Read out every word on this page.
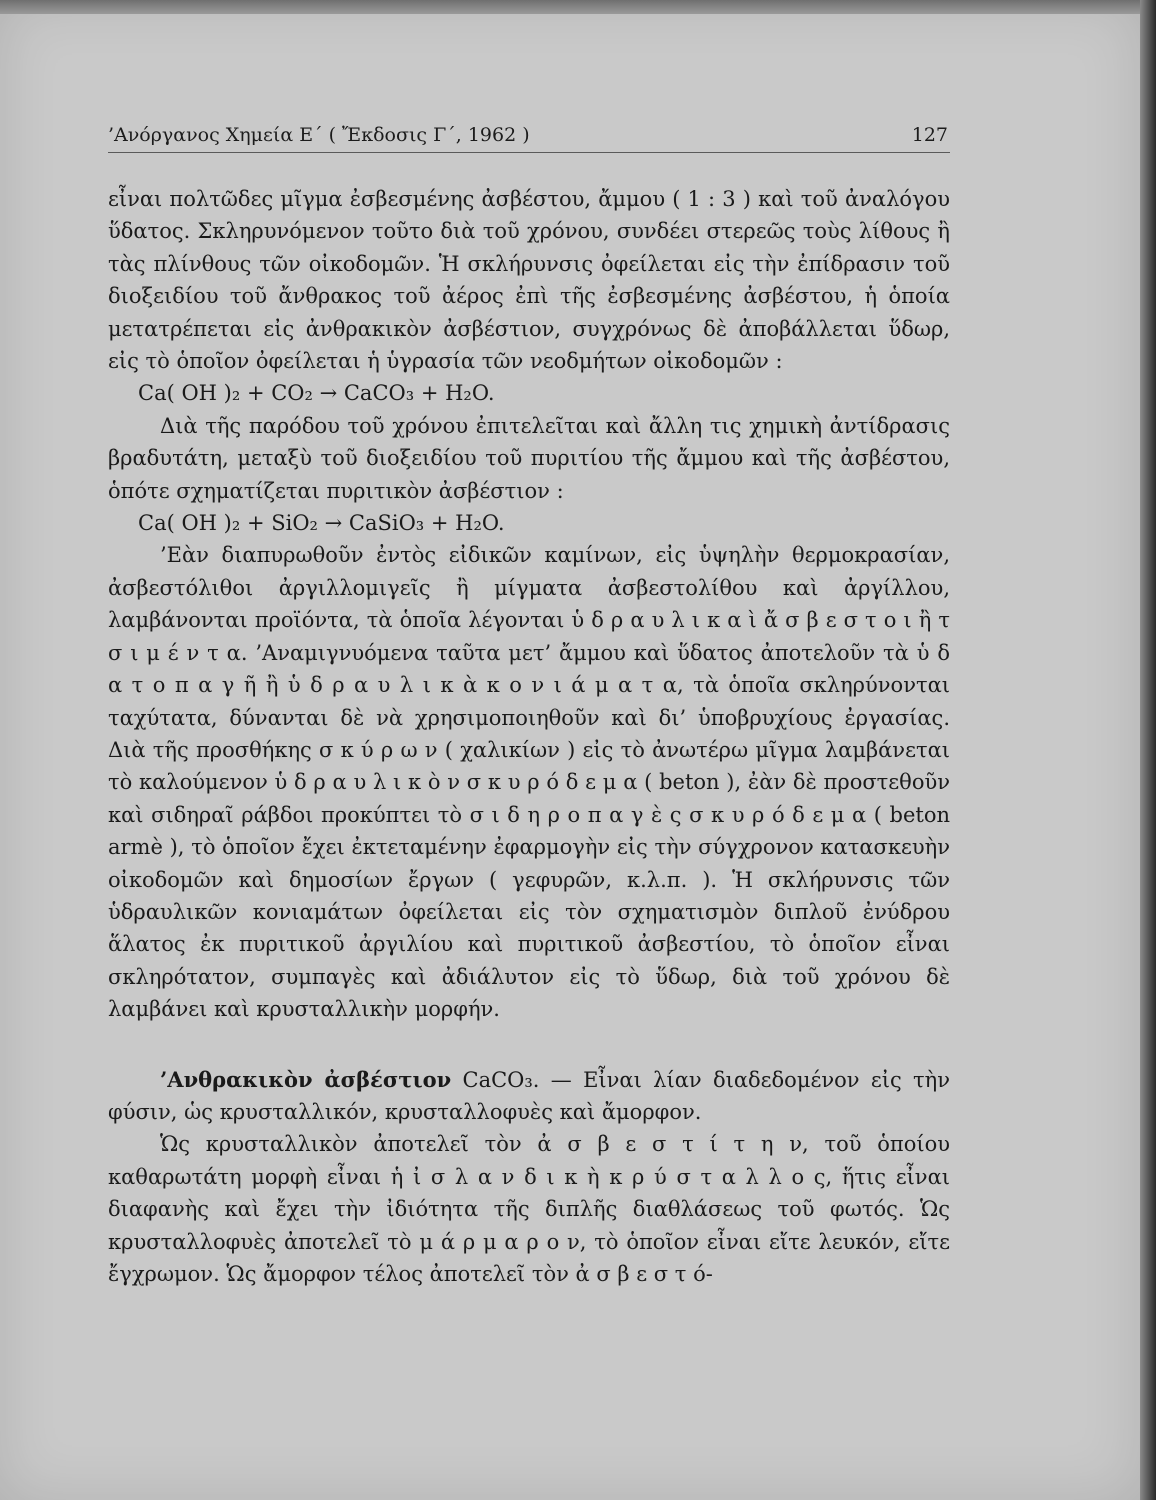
’Ανόργανος Χημεία Ε΄ ( Ἔκδοσις Γ΄, 1962 )	127

εἶναι πολτῶδες μῖγμα ἐσβεσμένης ἀσβέστου, ἄμμου ( 1 : 3 ) καὶ τοῦ ἀναλόγου ὕδατος. Σκληρυνόμενον τοῦτο διὰ τοῦ χρόνου, συνδέει στερεῶς τοὺς λίθους ἢ τὰς πλίνθους τῶν οἰκοδομῶν. Ἡ σκλήρυνσις ὀφείλεται εἰς τὴν ἐπίδρασιν τοῦ διοξειδίου τοῦ ἄνθρακος τοῦ ἀέρος ἐπὶ τῆς ἐσβεσμένης ἀσβέστου, ἡ ὁποία μετατρέπεται εἰς ἀνθρακικὸν ἀσβέστιον, συγχρόνως δὲ ἀποβάλλεται ὕδωρ, εἰς τὸ ὁποῖον ὀφείλεται ἡ ὑγρασία τῶν νεοδμήτων οἰκοδομῶν :

Ca( OH )₂ + CO₂ → CaCO₃ + H₂O.

Διὰ τῆς παρόδου τοῦ χρόνου ἐπιτελεῖται καὶ ἄλλη τις χημικὴ ἀντίδρασις βραδυτάτη, μεταξὺ τοῦ διοξειδίου τοῦ πυριτίου τῆς ἄμμου καὶ τῆς ἀσβέστου, ὁπότε σχηματίζεται πυριτικὸν ἀσβέστιον :

Ca( OH )₂ + SiO₂ → CaSiO₃ + H₂O.

’Εὰν διαπυρωθοῦν ἐντὸς εἰδικῶν καμίνων, εἰς ὑψηλὴν θερμοκρασίαν, ἀσβεστόλιθοι ἀργιλλομιγεῖς ἢ μίγματα ἀσβεστολίθου καὶ ἀργίλλου, λαμβάνονται προϊόντα, τὰ ὁποῖα λέγονται ὑ δ ρ α υ λ ι κ α ὶ ἄ σ β ε σ τ ο ι ἢ τ σ ι μ έ ν τ α. ’Αναμιγνυόμενα ταῦτα μετ’ ἄμμου καὶ ὕδατος ἀποτελοῦν τὰ ὑ δ α τ ο π α γ ῆ ἢ ὑ δ ρ α υ λ ι κ ὰ κ ο ν ι ά μ α τ α, τὰ ὁποῖα σκληρύνονται ταχύτατα, δύνανται δὲ νὰ χρησιμοποιηθοῦν καὶ δι’ ὑποβρυχίους ἐργασίας. Διὰ τῆς προσθήκης σ κ ύ ρ ω ν ( χαλικίων ) εἰς τὸ ἀνωτέρω μῖγμα λαμβάνεται τὸ καλούμενον ὑ δ ρ α υ λ ι κ ὸ ν σ κ υ ρ ό δ ε μ α ( beton ), ἐὰν δὲ προστεθοῦν καὶ σιδηραῖ ράβδοι προκύπτει τὸ σ ι δ η ρ ο π α γ ὲ ς σ κ υ ρ ό δ ε μ α ( beton armè ), τὸ ὁποῖον ἔχει ἐκτεταμένην ἐφαρμογὴν εἰς τὴν σύγχρονον κατασκευὴν οἰκοδομῶν καὶ δημοσίων ἔργων ( γεφυρῶν, κ.λ.π. ). Ἡ σκλήρυνσις τῶν ὑδραυλικῶν κονιαμάτων ὀφείλεται εἰς τὸν σχηματισμὸν διπλοῦ ἐνύδρου ἅλατος ἐκ πυριτικοῦ ἀργιλίου καὶ πυριτικοῦ ἀσβεστίου, τὸ ὁποῖον εἶναι σκληρότατον, συμπαγὲς καὶ ἀδιάλυτον εἰς τὸ ὕδωρ, διὰ τοῦ χρόνου δὲ λαμβάνει καὶ κρυσταλλικὴν μορφήν.

’Ανθρακικὸν ἀσβέστιον CaCO₃. — Εἶναι λίαν διαδεδομένον εἰς τὴν φύσιν, ὡς κρυσταλλικόν, κρυσταλλοφυὲς καὶ ἄμορφον.

Ὡς κρυσταλλικὸν ἀποτελεῖ τὸν ἀ σ β ε σ τ ί τ η ν, τοῦ ὁποίου καθαρωτάτη μορφὴ εἶναι ἡ ἰ σ λ α ν δ ι κ ὴ κ ρ ύ σ τ α λ λ ο ς, ἥτις εἶναι διαφανὴς καὶ ἔχει τὴν ἰδιότητα τῆς διπλῆς διαθλάσεως τοῦ φωτός. Ὡς κρυσταλλοφυὲς ἀποτελεῖ τὸ μ ά ρ μ α ρ ο ν, τὸ ὁποῖον εἶναι εἴτε λευκόν, εἴτε ἔγχρωμον. Ὡς ἄμορφον τέλος ἀποτελεῖ τὸν ἀ σ β ε σ τ ό-
